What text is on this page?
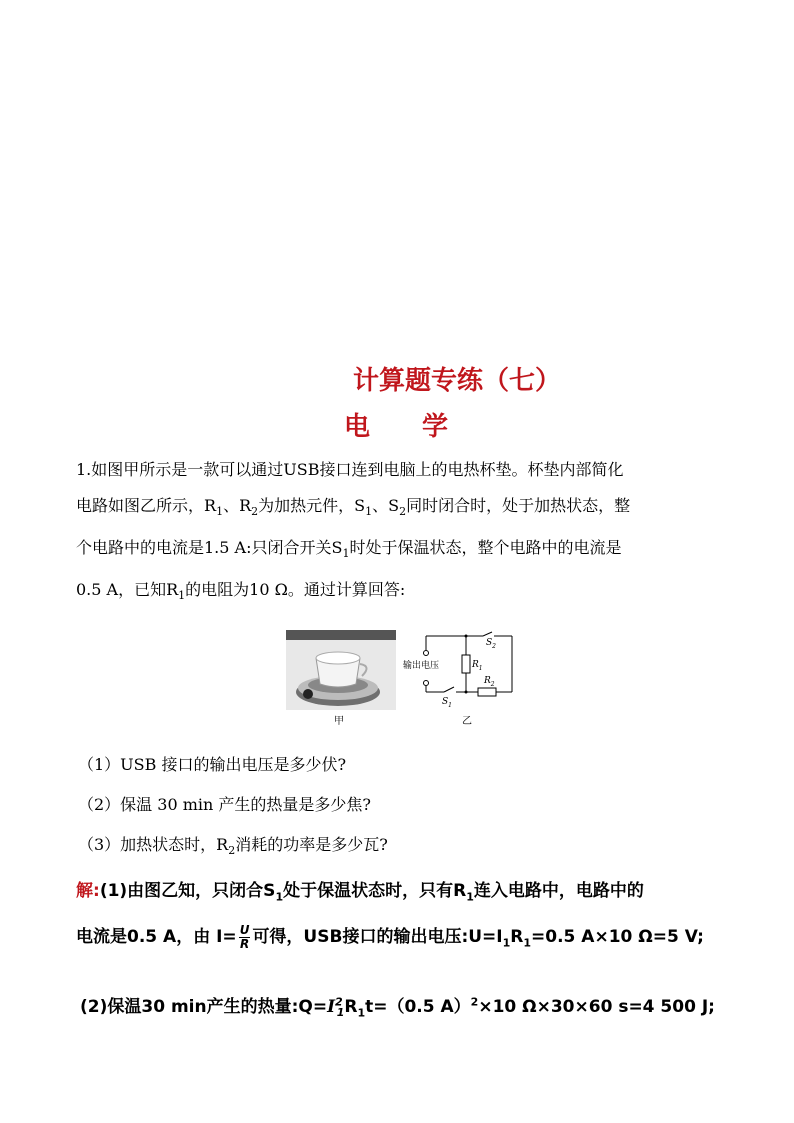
计算题专练（七）
电学
1.如图甲所示是一款可以通过USB接口连到电脑上的电热杯垫。杯垫内部简化
电路如图乙所示，$R_1$、$R_2$为加热元件，$S_1$、$S_2$同时闭合时，处于加热状态，整
个电路中的电流是1.5 A:只闭合开关$S_1$时处于保温状态，整个电路中的电流是
0.5 A，已知$R_1$的电阻为10 Ω。通过计算回答:
甲
输出电压
$S_2$
$R_1$
$R_2$
$S_1$
乙
（1）USB 接口的输出电压是多少伏?
（2）保温 30 min 产生的热量是多少焦?
（3）加热状态时，$R_2$消耗的功率是多少瓦?
解:(1)由图乙知，只闭合$S_1$处于保温状态时，只有$R_1$连入电路中，电路中的
电流是0.5 A，由 $I= \frac{U}{R}$ 可得，USB接口的输出电压$:U=I_1R_1=0.5$ A×10 Ω=5 V;
(2)保温30 min产生的热量$:Q=I^2_1R_1t=(0.5$ A）$^2$×10 Ω×30×60 s=4 500 J;
